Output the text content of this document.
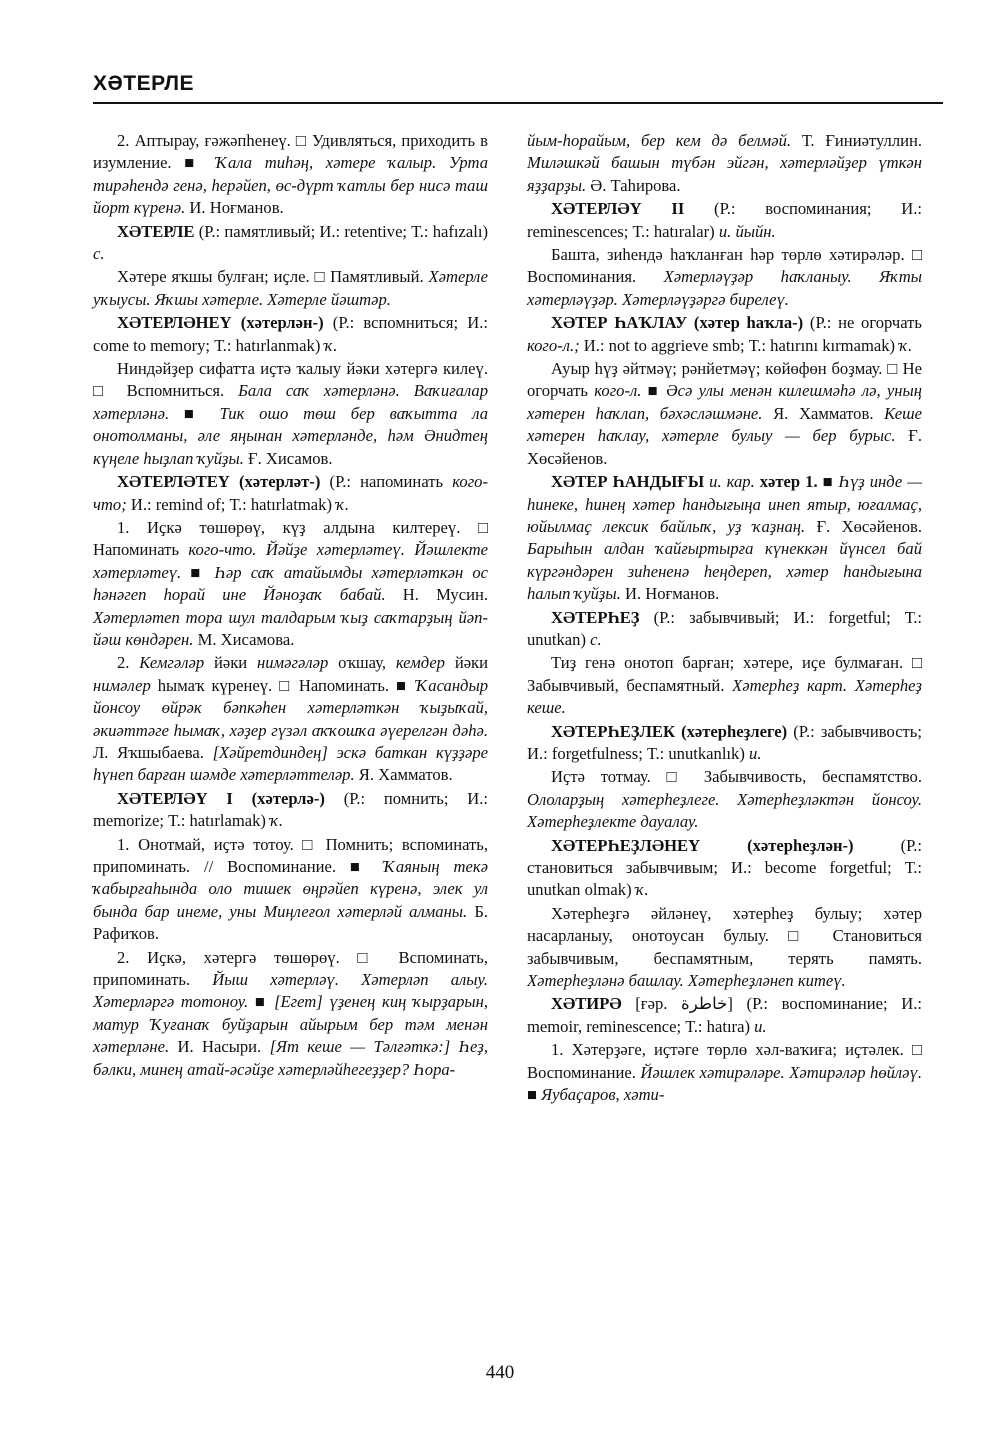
ХӘТЕРЛЕ

2. Аптырау, ғәжәпһенеү. □ Удивляться, приходить в изумление. ■ Ҡала тиһәң, хәтере ҡалыр. Урта тирәһендә генә, һерәйеп, өс-дүрт ҡатлы бер нисә таш йорт күренә. И. Ноғманов.

ХӘТЕРЛЕ (Р.: памятливый; И.: retentive; Т.: hafızalı) с.

Хәтере яҡшы булған; иҫле. □ Памятливый. Хәтерле уҡыусы. Яҡшы хәтерле. Хәтерле йәштәр.

ХӘТЕРЛӘНЕҮ (хәтерлән-) (Р.: вспомниться; И.: come to memory; Т.: hatırlanmak) ҡ.

Ниндәйҙер сифатта иҫтә ҡалыу йәки хәтергә килеү. □ Вспомниться. Бала саҡ хәтерләнә. Ваҡиғалар хәтерләнә. ■ Тик ошо төш бер ваҡытта ла онотолманы, әле яңынан хәтерләнде, һәм Әнидтең күңеле һыҙлап ҡуйҙы. Ғ. Хисамов.

ХӘТЕРЛӘТЕҮ (хәтерләт-) (Р.: напоминать кого-что; И.: remind of; Т.: hatırlatmak) ҡ.

1. Иҫкә төшөрөү, күҙ алдына килтереү. □ Напоминать кого-что. Йәйҙе хәтерләтеү. Йәшлекте хәтерләтеү. ■ Һәр саҡ атайымды хәтерләткән ос һәнәгеn һорай ине Йәноҙаҡ бабай. Н. Мусин. Хәтерләтеп тора шул талдарым ҡыҙ саҡтарҙың йәп-йәш көндәрен. М. Хисамова.

2. Кемгәләр йәки нимәгәләр оҡшау, кемдер йәки нимәлер һымаҡ күренеү. □ Напоминать. ■ Ҡасандыр йонсоу өйрәк бәпкәһен хәтерләткән ҡыҙыҡай, әкиәттәге һымаҡ, хәҙер гүзәл аҡҡошҡа әүерелгән дәһә. Л. Яҡшыбаева. [Хәйретдиндең] эскә баткан күҙҙәре һүнеп барған шәмде хәтерләттеләр. Я. Хамматов.

ХӘТЕРЛӘҮ I (хәтерлә-) (Р.: помнить; И.: memorize; Т.: hatırlamak) ҡ.

1. Онотмай, иҫтә тотоу. □ Помнить; вспоминать, припоминать. // Воспоминание. ■ Ҡаяның текә ҡабырғаһында оло тишек өңрәйеп күренә, элек ул бында бар инеме, уны Миңлеғол хәтерләй алманы. Б. Рафиҡов.

2. Иҫкә, хәтергә төшөрөү. □ Вспоминать, припоминать. Йыш хәтерләү. Хәтерләп алыу. Хәтерләргә тотоноу. ■ [Егет] үҙенең киң ҡырҙарын, матур Ҡуғанаҡ буйҙарын айырым бер тәм менән хәтерләне. И. Насыри. [Ят кеше — Тәлғәткә:] Һеҙ, бәлки, минең атай-әсәйҙе хәтерләйһегеҙҙер? Һора-

йым-һорайым, бер кем дә белмәй. Т. Ғиниәтуллин. Миләшкәй башын түбән эйгән, хәтерләйҙер үткән яҙҙарҙы. Ә. Таһирова.

ХӘТЕРЛӘҮ II (Р.: воспоминания; И.: reminescences; Т.: hatıralar) и. йыйн.

Башта, зиһендә һаҡланған һәр төрлө хәтирәләр. □ Воспоминания. Хәтерләүҙәр һаҡланыу. Яҡты хәтерләүҙәр. Хәтерләүҙәргә бирелеү.

ХӘТЕР ҺАҠЛАУ (хәтер һаҡла-) (Р.: не огорчать кого-л.; И.: not to aggrieve smb; Т.: hatırını kırmamak) ҡ.

Ауыр һүҙ әйтмәү; рәнйетмәү; көйөфөн боҙмау. □ Не огорчать кого-л. ■ Әсә улы менән килешмәһә лә, уның хәтерен һаҡлап, бәхәсләшмәне. Я. Хамматов. Кеше хәтерен һаҡлау, хәтерле булыу — бер бурыс. Ғ. Хөсәйенов.

ХӘТЕР ҺАНДЫҒЫ и. кар. хәтер 1. ■ Һүҙ инде — һинеке, һинең хәтер һандығыңа инеп ятыр, юғалмаҫ, юйылмаҫ лексик байлыҡ, уҙ ҡаҙнаң. Ғ. Хөсәйенов. Барыһын алдан ҡайғыртырға күнеккән йүнсел бай күргәндәрен зиһененә һеңдереп, хәтер һандығына һалып ҡуйҙы. И. Ноғманов.

ХӘТЕРҺЕҘ (Р.: забывчивый; И.: forgetful; Т.: unutkan) с.

Тиҙ генә онотоп барған; хәтере, иҫе булмаған. □ Забывчивый, беспамятный. Хәтерһеҙ карт. Хәтерһеҙ кеше.

ХӘТЕРҺЕҘЛЕК (хәтерһеҙлеге) (Р.: забывчивость; И.: forgetfulness; Т.: unutkanlık) и.

Иҫтә тотмау. □ Забывчивость, беспамятство. Ололарҙың хәтерһеҙлеге. Хәтерһеҙләктән йонсоу. Хәтерһеҙлекте дауалау.

ХӘТЕРҺЕҘЛӘНЕҮ (хәтерһеҙлән-) (Р.: становиться забывчивым; И.: become forgetful; Т.: unutkan olmak) ҡ.

Хәтерһеҙгә әйләнеү, хәтерһеҙ булыу; хәтер насарланыу, онотоусан булыу. □ Становиться забывчивым, беспамятным, терять память. Хәтерһеҙләнә башлау. Хәтерһеҙләнеп китеү.

ХӘТИРӘ [ғәр. خاطرة] (Р.: воспоминание; И.: memoir, reminescence; Т.: hatıra) и.

1. Хәтерҙәге, иҫтәге төрлө хәл-ваҡиға; иҫтәлек. □ Воспоминание. Йәшлек хәтирәләре. Хәтирәләр һөйләү. ■ Яубаҫаров, хәти-

440
